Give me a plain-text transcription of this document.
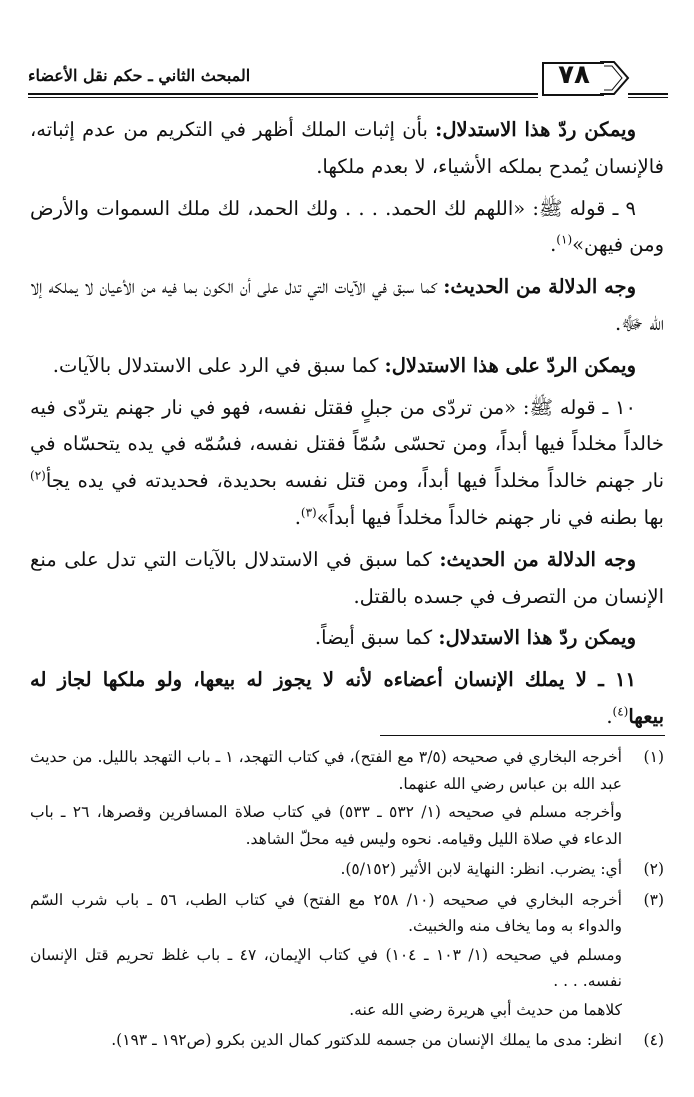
المبحث الثاني ـ حكم نقل الأعضاء	٧٨

ويمكن ردّ هذا الاستدلال: بأن إثبات الملك أظهر في التكريم من عدم إثباته، فالإنسان يُمدح بملكه الأشياء، لا بعدم ملكها.

٩ ـ قوله ﷺ: «اللهم لك الحمد. . . . ولك الحمد، لك ملك السموات والأرض ومن فيهن»$^{(١)}$.

وجه الدلالة من الحديث: كما سبق في الآيات التي تدل على أن الكون بما فيه من الأعيان لا يملكه إلا الله ﷻ.

ويمكن الردّ على هذا الاستدلال: كما سبق في الرد على الاستدلال بالآيات.

١٠ ـ قوله ﷺ: «من تردّى من جبلٍ فقتل نفسه، فهو في نار جهنم يتردّى فيه خالداً مخلداً فيها أبداً، ومن تحسّى سُمّاً فقتل نفسه، فسُمّه في يده يتحسّاه في نار جهنم خالداً مخلداً فيها أبداً، ومن قتل نفسه بحديدة، فحديدته في يده يجأ$^{(٢)}$ بها بطنه في نار جهنم خالداً مخلداً فيها أبداً»$^{(٣)}$.

وجه الدلالة من الحديث: كما سبق في الاستدلال بالآيات التي تدل على منع الإنسان من التصرف في جسده بالقتل.

ويمكن ردّ هذا الاستدلال: كما سبق أيضاً.

١١ ـ لا يملك الإنسان أعضاءه لأنه لا يجوز له بيعها، ولو ملكها لجاز له بيعها$^{(٤)}$.

(١)

أخرجه البخاري في صحيحه (٣/٥ مع الفتح)، في كتاب التهجد، ١ ـ باب التهجد بالليل. من حديث عبد الله بن عباس رضي الله عنهما.

وأخرجه مسلم في صحيحه (١/ ٥٣٢ ـ ٥٣٣) في كتاب صلاة المسافرين وقصرها، ٢٦ ـ باب الدعاء في صلاة الليل وقيامه. نحوه وليس فيه محلّ الشاهد.

(٢)

أي: يضرب. انظر: النهاية لابن الأثير (٥/١٥٢).

(٣)

أخرجه البخاري في صحيحه (١٠/ ٢٥٨ مع الفتح) في كتاب الطب، ٥٦ ـ باب شرب السّم والدواء به وما يخاف منه والخبيث.

ومسلم في صحيحه (١/ ١٠٣ ـ ١٠٤) في كتاب الإيمان، ٤٧ ـ باب غلظ تحريم قتل الإنسان نفسه. . . .

كلاهما من حديث أبي هريرة رضي الله عنه.

(٤)

انظر: مدى ما يملك الإنسان من جسمه للدكتور كمال الدين بكرو (ص١٩٢ ـ ١٩٣).
